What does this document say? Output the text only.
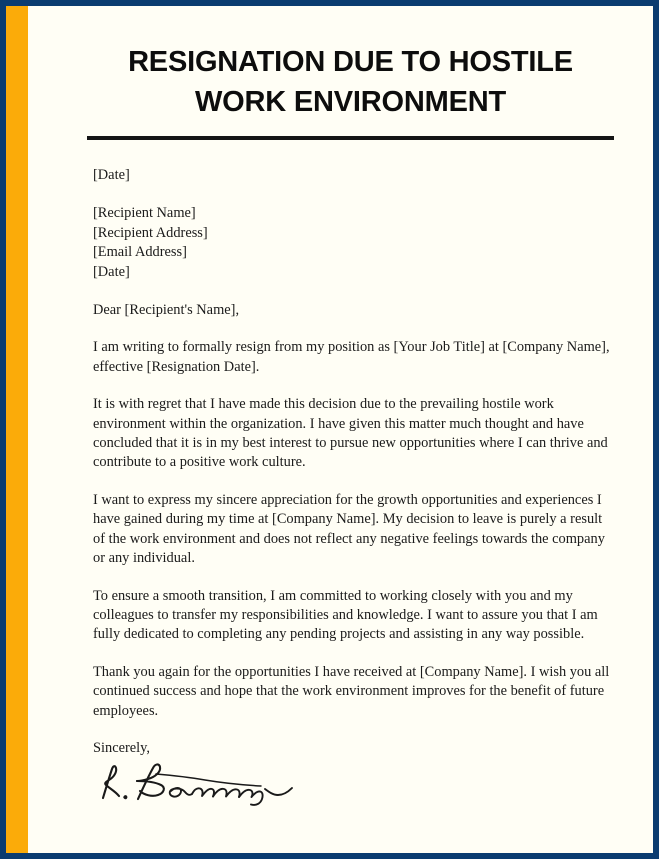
RESIGNATION DUE TO HOSTILE
WORK ENVIRONMENT
[Date]
[Recipient Name]
[Recipient Address]
[Email Address]
[Date]

Dear [Recipient's Name],

I am writing to formally resign from my position as [Your Job Title] at [Company Name], effective [Resignation Date].

It is with regret that I have made this decision due to the prevailing hostile work environment within the organization. I have given this matter much thought and have concluded that it is in my best interest to pursue new opportunities where I can thrive and contribute to a positive work culture.

I want to express my sincere appreciation for the growth opportunities and experiences I have gained during my time at [Company Name]. My decision to leave is purely a result of the work environment and does not reflect any negative feelings towards the company or any individual.

To ensure a smooth transition, I am committed to working closely with you and my colleagues to transfer my responsibilities and knowledge. I want to assure you that I am fully dedicated to completing any pending projects and assisting in any way possible.

Thank you again for the opportunities I have received at [Company Name]. I wish you all continued success and hope that the work environment improves for the benefit of future employees.

Sincerely,
